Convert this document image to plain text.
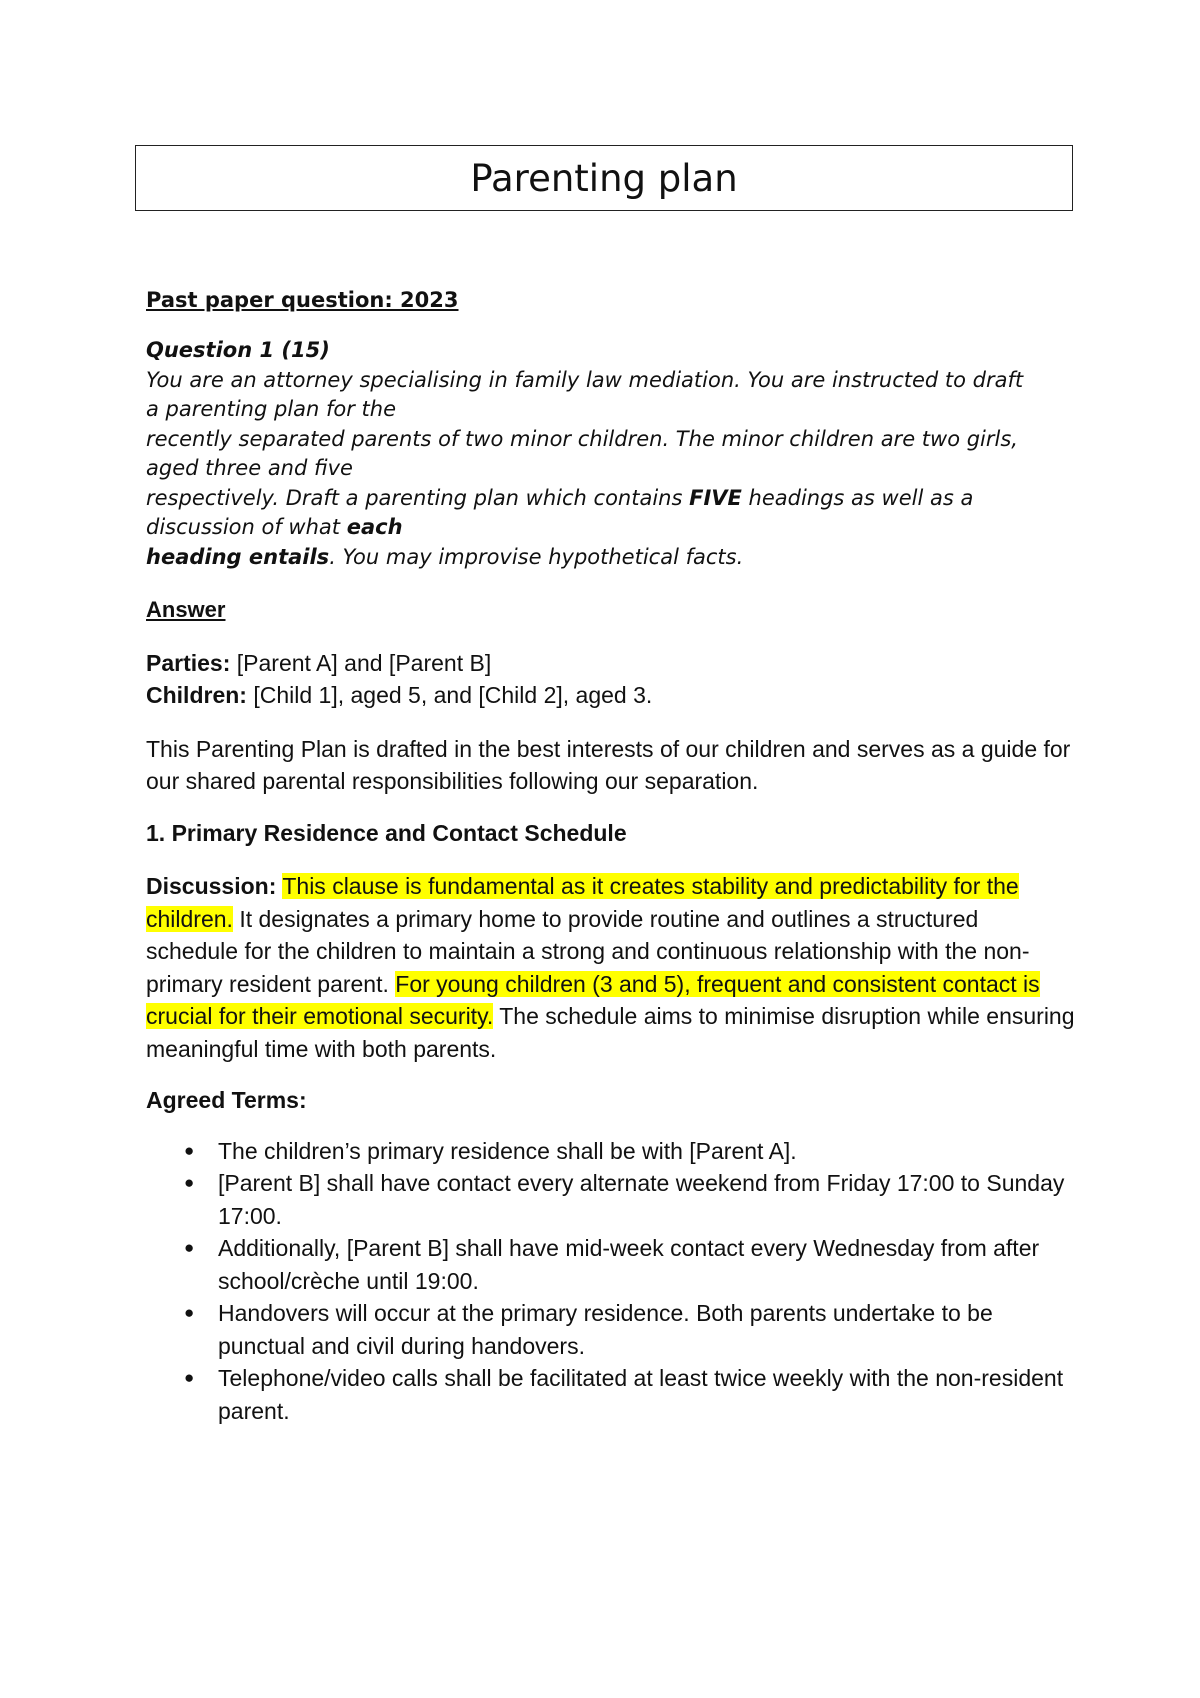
Parenting plan

Past paper question: 2023

Question 1 (15)
You are an attorney specialising in family law mediation. You are instructed to draft
a parenting plan for the
recently separated parents of two minor children. The minor children are two girls,
aged three and five
respectively. Draft a parenting plan which contains FIVE headings as well as a
discussion of what each
heading entails. You may improvise hypothetical facts.

Answer

Parties: [Parent A] and [Parent B]

Children: [Child 1], aged 5, and [Child 2], aged 3.

This Parenting Plan is drafted in the best interests of our children and serves as a guide for our shared parental responsibilities following our separation.

1. Primary Residence and Contact Schedule

Discussion: This clause is fundamental as it creates stability and predictability for the children. It designates a primary home to provide routine and outlines a structured schedule for the children to maintain a strong and continuous relationship with the non-primary resident parent. For young children (3 and 5), frequent and consistent contact is crucial for their emotional security. The schedule aims to minimise disruption while ensuring meaningful time with both parents.

Agreed Terms:

● The children’s primary residence shall be with [Parent A].
● [Parent B] shall have contact every alternate weekend from Friday 17:00 to Sunday 17:00.
● Additionally, [Parent B] shall have mid-week contact every Wednesday from after school/crèche until 19:00.
● Handovers will occur at the primary residence. Both parents undertake to be punctual and civil during handovers.
● Telephone/video calls shall be facilitated at least twice weekly with the non-resident parent.
